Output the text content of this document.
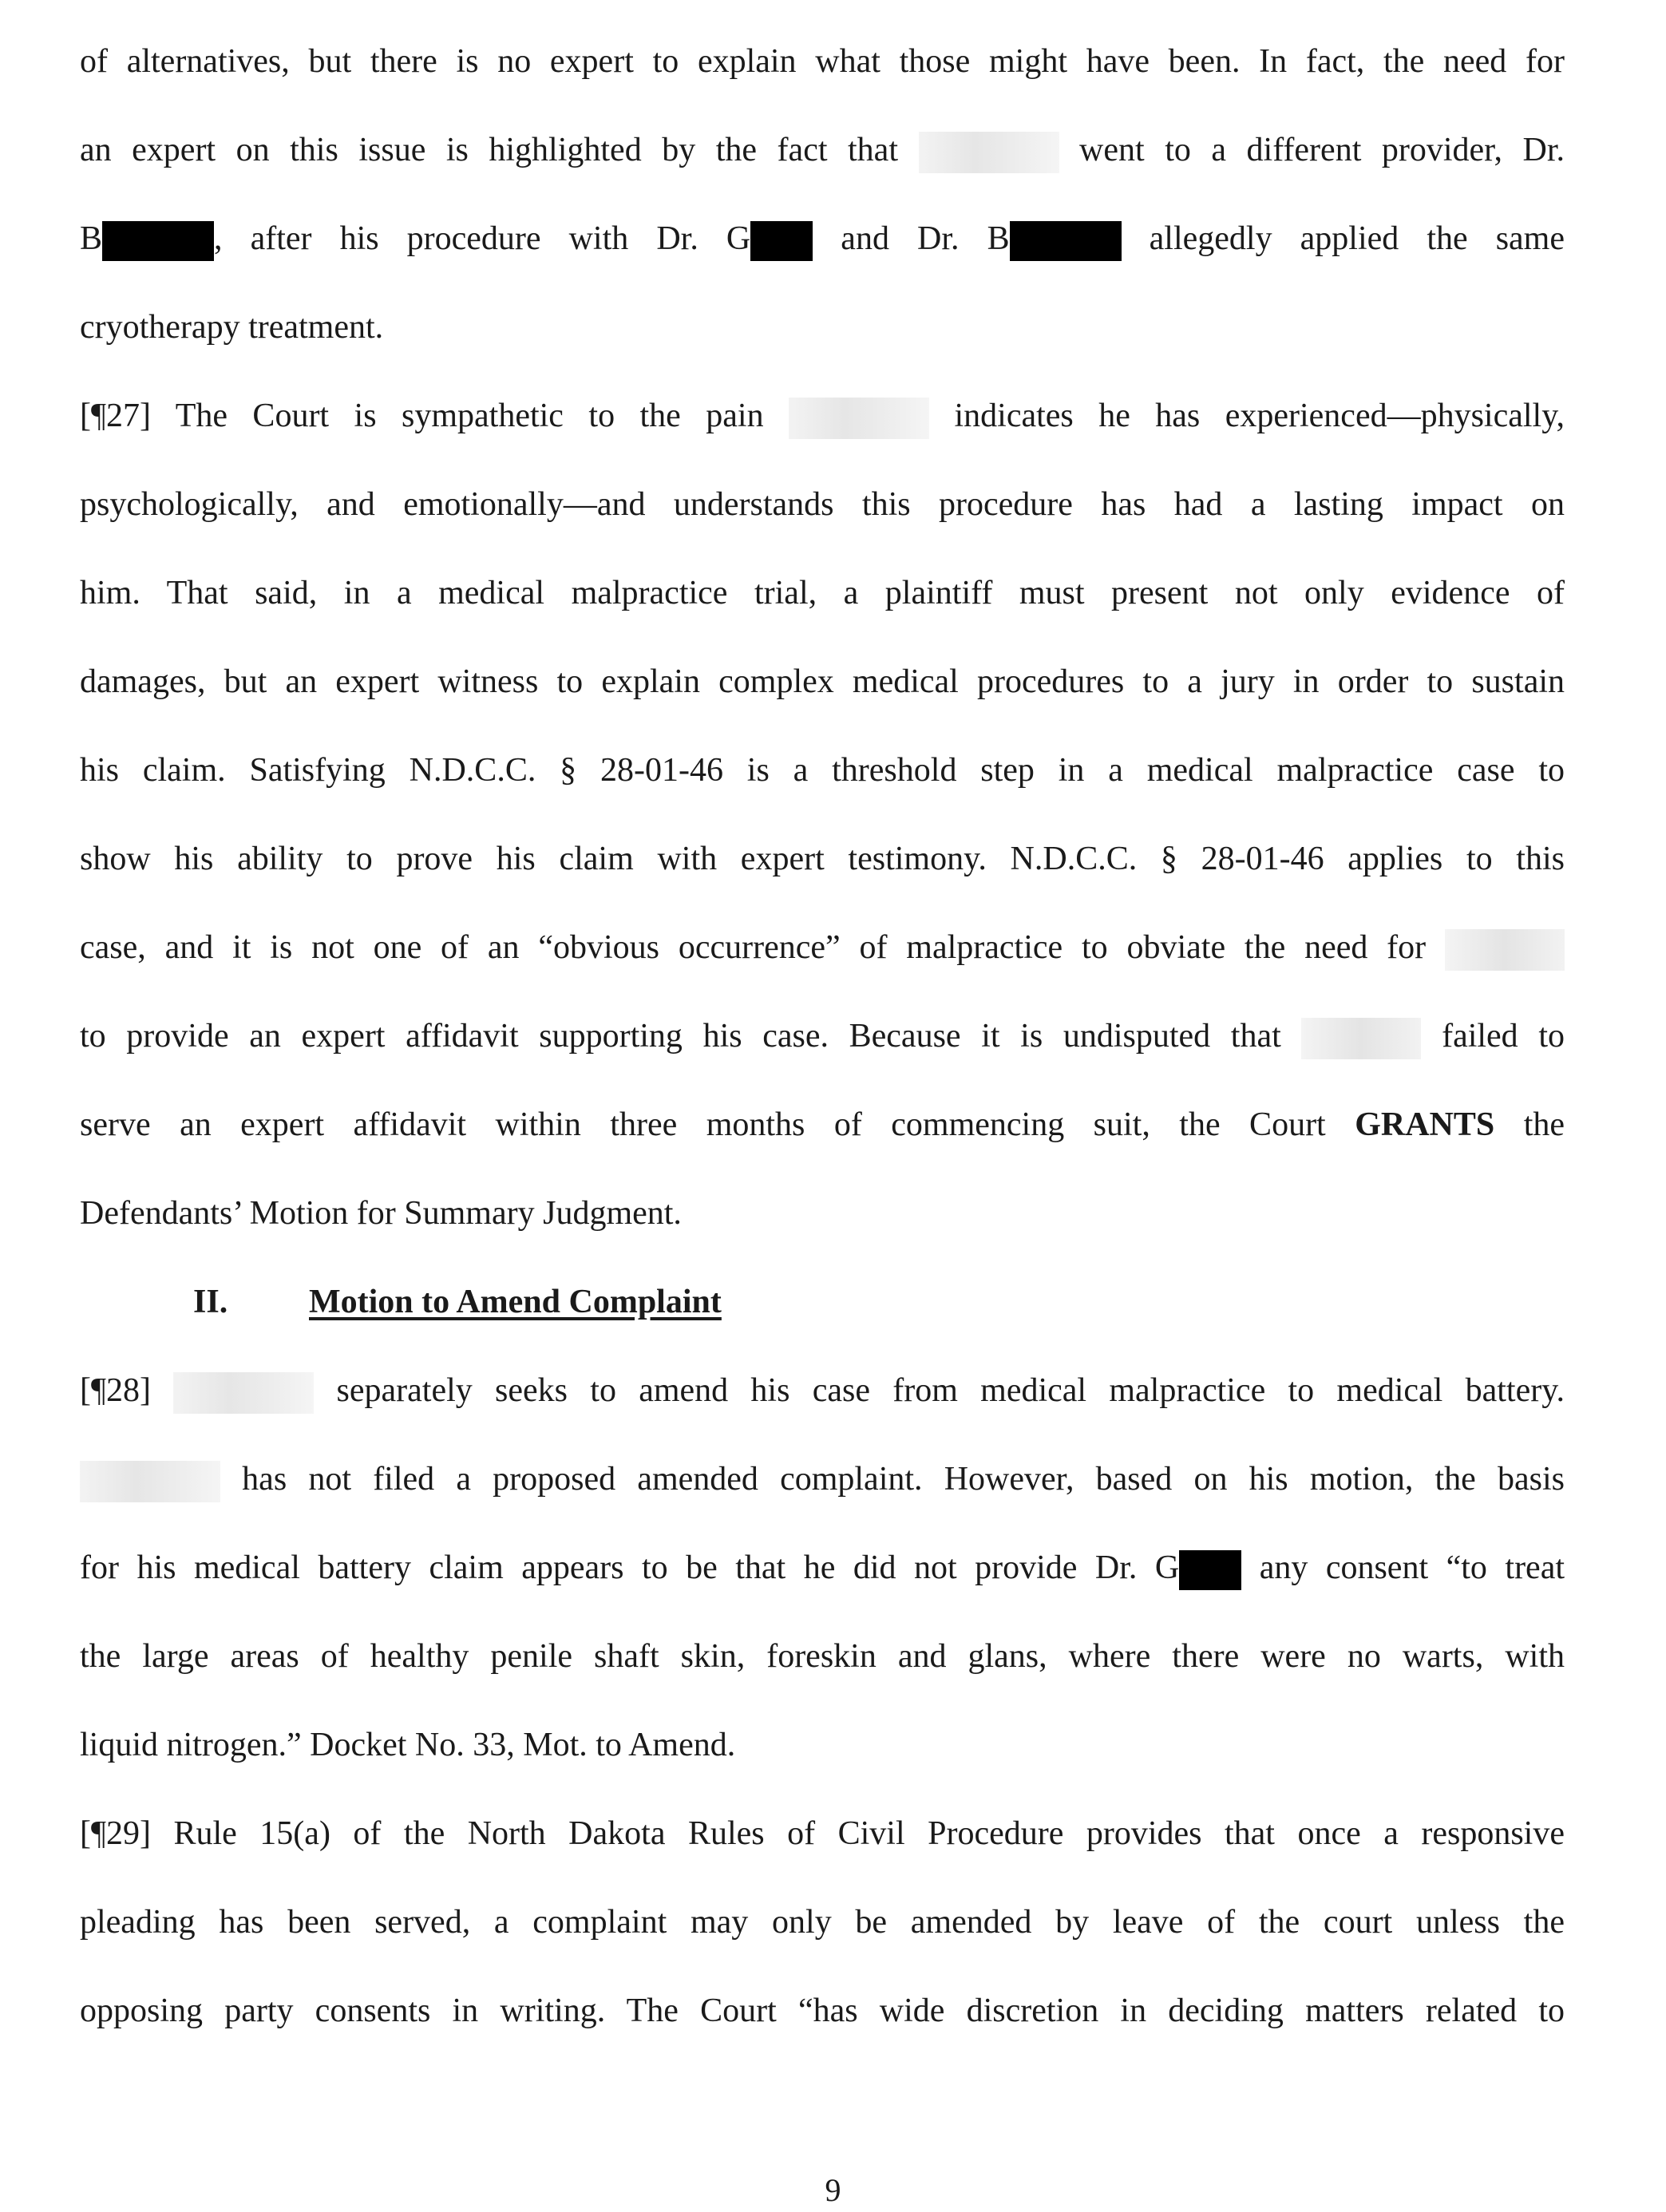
of alternatives, but there is no expert to explain what those might have been. In fact, the need for
an expert on this issue is highlighted by the fact that	went to a different provider, Dr.
B	, after his procedure with Dr. G and Dr. B	allegedly applied the same
cryotherapy treatment.
[¶27] The Court is sympathetic to the pain	indicates he has experienced—physically,
psychologically, and emotionally—and understands this procedure has had a lasting impact on
him. That said, in a medical malpractice trial, a plaintiff must present not only evidence of
damages, but an expert witness to explain complex medical procedures to a jury in order to sustain
his claim. Satisfying N.D.C.C. § 28-01-46 is a threshold step in a medical malpractice case to
show his ability to prove his claim with expert testimony. N.D.C.C. § 28-01-46 applies to this
case, and it is not one of an “obvious occurrence” of malpractice to obviate the need for
to provide an expert affidavit supporting his case. Because it is undisputed that	failed to
serve an expert affidavit within three months of commencing suit, the Court GRANTS the
Defendants’ Motion for Summary Judgment.
II. Motion to Amend Complaint
[¶28]	separately seeks to amend his case from medical malpractice to medical battery.
has not filed a proposed amended complaint. However, based on his motion, the basis
for his medical battery claim appears to be that he did not provide Dr. G any consent “to treat
the large areas of healthy penile shaft skin, foreskin and glans, where there were no warts, with
liquid nitrogen.” Docket No. 33, Mot. to Amend.
[¶29] Rule 15(a) of the North Dakota Rules of Civil Procedure provides that once a responsive
pleading has been served, a complaint may only be amended by leave of the court unless the
opposing party consents in writing. The Court “has wide discretion in deciding matters related to
9
